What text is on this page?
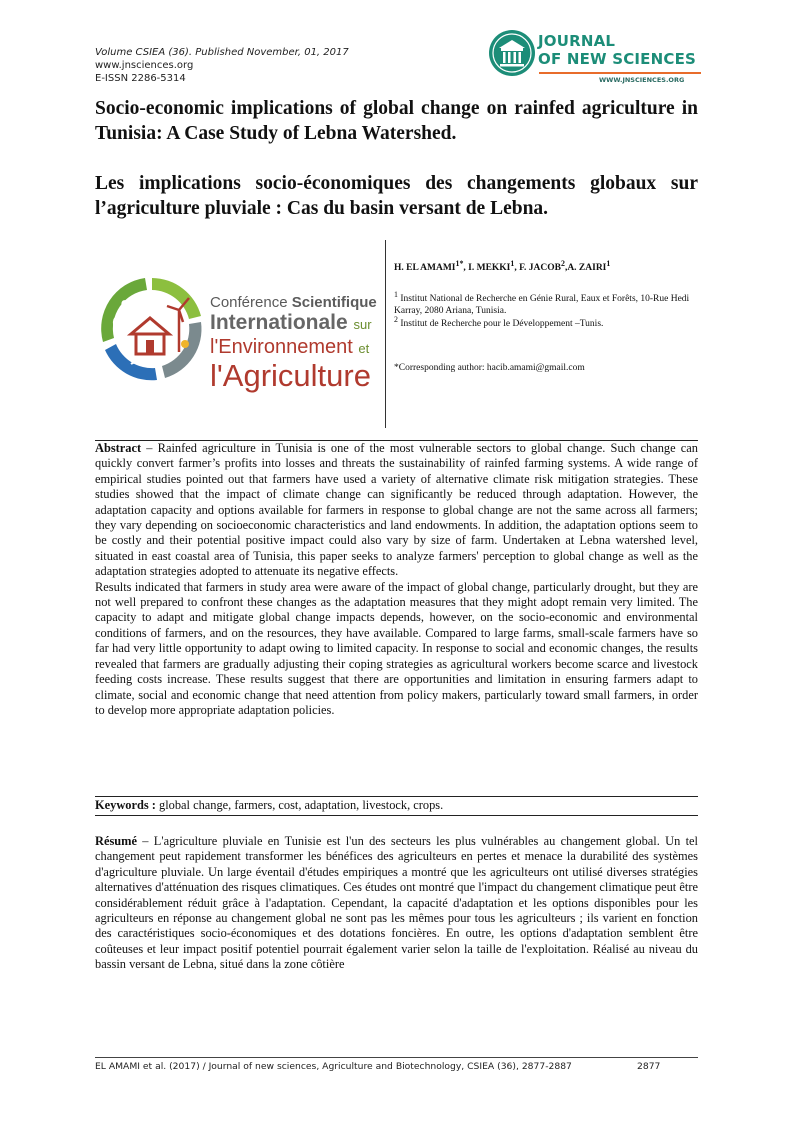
Volume CSIEA (36). Published November, 01, 2017
www.jnsciences.org
E-ISSN 2286-5314
JOURNAL
OF NEW SCIENCES
WWW.JNSCIENCES.ORG
Socio-economic implications of global change on rainfed agriculture in Tunisia: A Case Study of Lebna Watershed.
Les implications socio-économiques des changements globaux sur l’agriculture pluviale : Cas du basin versant de Lebna.
Conférence Scientifique
Internationale sur
l'Environnement et
l'Agriculture
H. EL $AMAMI^{1*}$, I. MEKKI$^1$, F. JACOB$^2$,A. ZAIRI$^1$
$^1$ Institut National de Recherche en Génie Rural, Eaux et Forêts, 10-Rue Hedi Karray, 2080 Ariana, Tunisia.
$^2$ Institut de Recherche pour le Développement –Tunis.
*Corresponding author: hacib.amami@gmail.com

Abstract – Rainfed agriculture in Tunisia is one of the most vulnerable sectors to global change. Such change can quickly convert farmer’s profits into losses and threats the sustainability of rainfed farming systems. A wide range of empirical studies pointed out that farmers have used a variety of alternative climate risk mitigation strategies. These studies showed that the impact of climate change can significantly be reduced through adaptation. However, the adaptation capacity and options available for farmers in response to global change are not the same across all farmers; they vary depending on socioeconomic characteristics and land endowments. In addition, the adaptation options seem to be costly and their potential positive impact could also vary by size of farm. Undertaken at Lebna watershed level, situated in east coastal area of Tunisia, this paper seeks to analyze farmers' perception to global change as well as the adaptation strategies adopted to attenuate its negative effects.

Results indicated that farmers in study area were aware of the impact of global change, particularly drought, but they are not well prepared to confront these changes as the adaptation measures that they might adopt remain very limited. The capacity to adapt and mitigate global change impacts depends, however, on the socio-economic and environmental conditions of farmers, and on the resources, they have available. Compared to large farms, small-scale farmers have so far had very little opportunity to adapt owing to limited capacity. In response to social and economic changes, the results revealed that farmers are gradually adjusting their coping strategies as agricultural workers become scarce and livestock feeding costs increase. These results suggest that there are opportunities and limitation in ensuring farmers adapt to climate, social and economic change that need attention from policy makers, particularly toward small farmers, in order to develop more appropriate adaptation policies.

Keywords : global change, farmers, cost, adaptation, livestock, crops.

Résumé – L'agriculture pluviale en Tunisie est l'un des secteurs les plus vulnérables au changement global. Un tel changement peut rapidement transformer les bénéfices des agriculteurs en pertes et menace la durabilité des systèmes d'agriculture pluviale. Un large éventail d'études empiriques a montré que les agriculteurs ont utilisé diverses stratégies alternatives d'atténuation des risques climatiques. Ces études ont montré que l'impact du changement climatique peut être considérablement réduit grâce à l'adaptation. Cependant, la capacité d'adaptation et les options disponibles pour les agriculteurs en réponse au changement global ne sont pas les mêmes pour tous les agriculteurs ; ils varient en fonction des caractéristiques socio-économiques et des dotations foncières. En outre, les options d'adaptation semblent être coûteuses et leur impact positif potentiel pourrait également varier selon la taille de l'exploitation. Réalisé au niveau du bassin versant de Lebna, situé dans la zone côtière

EL AMAMI et al. (2017) / Journal of new sciences, Agriculture and Biotechnology, CSIEA (36), 2877-2887	2877
